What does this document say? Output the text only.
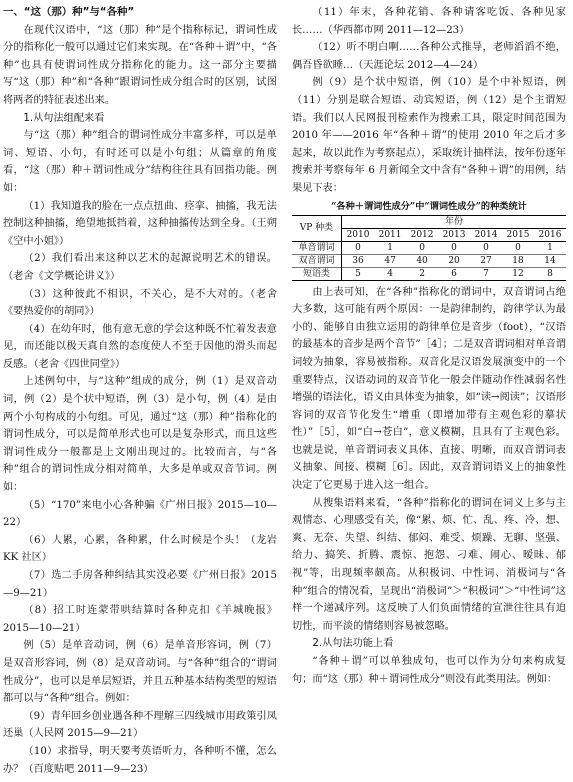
一、“这（那）种”与“各种”

在现代汉语中，“这（那）种”是个指称标记，谓词性成分的指称化一般可以通过它们来实现。在“各种＋谓”中，“各种”也具有使谓词性成分指称化的能力。这一部分主要描写“这（那）种”和“各种”跟谓词性成分组合时的区别，试图将两者的特征表述出来。

1.从句法组配来看

与“这（那）种”组合的谓词性成分丰富多样，可以是单词、短语、小句，有时还可以是小句组；从篇章的角度看，“这（那）种＋谓词性成分”结构往往具有回指功能。例如：

（1）我知道我的脸在一点点扭曲、痉挛、抽搐，我无法控制这种抽搐，绝望地抵挡着，这种抽搐传达到全身。（王朔《空中小姐》）

（2）我们看出来这种以艺术的起源说明艺术的错误。（老舍《文学概论讲义》）

（3）这种彼此不相识，不关心，是不大对的。（老舍《要热爱你的胡同》）

（4）在幼年时，他有意无意的学会这种既不忙着发表意见，而还能以极天真自然的态度使人不至于因他的滑头而起反感。（老舍《四世同堂》）

上述例句中，与“这种”组成的成分，例（1）是双音动词，例（2）是个状中短语，例（3）是小句，例（4）是由两个小句构成的小句组。可见，通过“这（那）种”指称化的谓词性成分，可以是简单形式也可以是复杂形式，而且这些谓词性成分一般都是上文刚出现过的。比较而言，与“各种”组合的谓词性成分相对简单，大多是单或双音节词。例如：

（5）“170”来电小心各种骗《广州日报》2015—10—22）

（6）人累，心累，各种累，什么时候是个头！（龙岩 KK 社区）

（7）选二手房各种纠结其实没必要《广州日报》2015—9—21）

（8）招工时连蒙带哄结算时各种克扣《羊城晚报》2015—10—21）

例（5）是单音动词，例（6）是单音形容词，例（7）是双音形容词，例（8）是双音动词。与“各种”组合的“谓词性成分”，也可以是单层短语，并且五种基本结构类型的短语都可以与“各种”组合。例如：

（9）青年回乡创业遇各种不理解三四线城市用政策引凤还巢（人民网 2015—9—21）

（10）求指导，明天要考英语听力，各种听不懂，怎么办？（百度贴吧 2011—9—23）

（11）年末，各种花销、各种请客吃饭、各种见家长……（华西都市网 2011—12—23）

（12）听不明白啊……各种公式推导，老师滔滔不绝，偶吾昏欲睡…（天涯论坛 2012—4—24）

例（9）是个状中短语，例（10）是个中补短语，例（11）分别是联合短语、动宾短语，例（12）是个主谓短语。我们以人民网报刊检索作为搜索工具，限定时间范围为 2010 年——2016 年“各种＋谓”的使用 2010 年之后才多起来，故以此作为考察起点），采取统计抽样法，按年份逐年搜索并考察每年 6 月新闻全文中含有“各种＋谓”的用例，结果见下表：

“各种＋谓词性成分”中“谓词性成分”的种类统计

VP 种类	年份						
	2010	2011	2012	2013	2014	2015	2016
单音谓词	0	1	0	0	0	0	1
双音谓词	36	47	40	20	27	18	14
短语类	5	4	2	6	7	12	8

由上表可知，在“各种”指称化的谓词中，双音谓词占绝大多数，这可能有两个原因：一是韵律制约，韵律学认为最小的、能够自由独立运用的韵律单位是音步（foot），“汉语的最基本的音步是两个音节”［4］；二是双音谓词相对单音谓词较为抽象，容易被指称。双音化是汉语发展演变中的一个重要特点，汉语动词的双音节化一般会伴随动作性减弱名性增强的语法化，语义由具体变为抽象，如“读→阅读”；汉语形容词的双音节化发生“增重（即增加带有主观色彩的摹状性）”［5］，如“白→苍白”，意义模糊，且具有了主观色彩。也就是说，单音谓词表义具体、直接、明晰，而双音谓词表义抽象、间接、模糊［6］。因此，双音谓词语义上的抽象性决定了它更易于进入这一组合。

从搜集语料来看，“各种”指称化的谓词在词义上多与主观情态、心理感受有关，像“累、烦、忙、乱、疼、冷、想、爽、无奈、失望、纠结、郁闷、难受、烦躁、无聊、坚强、给力、搞笑、折腾、震惊、抱怨、刁难、闹心、暧昧、郁视”等，出现频率颇高。从积极词、中性词、消极词与“各种”组合的情况看，呈现出“消极词”＞“积极词”＞“中性词”这样一个递减序列。这反映了人们负面情绪的宣泄往往具有迫切性，而平淡的情绪则容易被忽略。

2.从句法功能上看

“各种＋谓”可以单独成句，也可以作为分句来构成复句；而“这（那）种＋谓词性成分”则没有此类用法。例如：
